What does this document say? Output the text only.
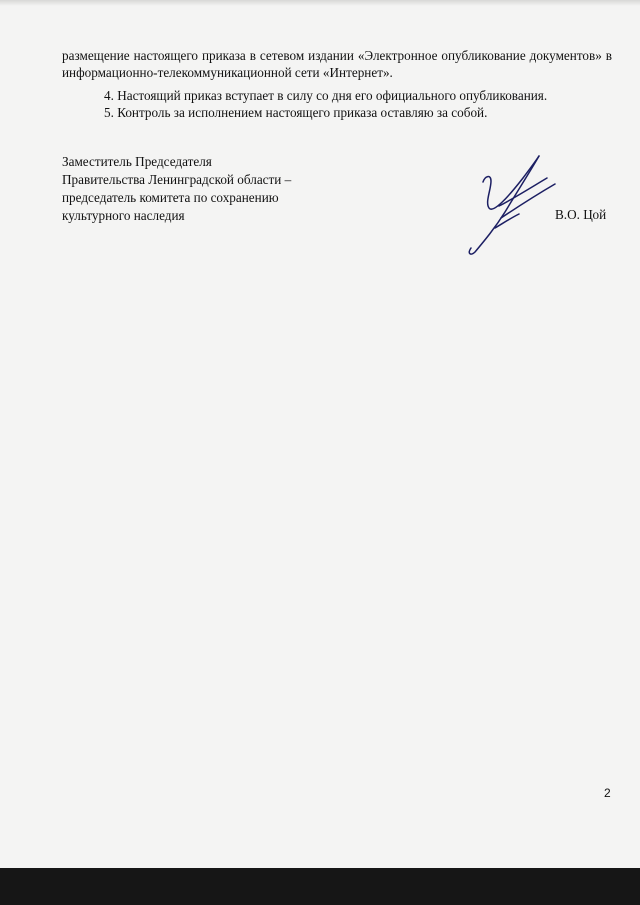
размещение настоящего приказа в сетевом издании «Электронное опубликование документов» в информационно-телекоммуникационной сети «Интернет».

4. Настоящий приказ вступает в силу со дня его официального опубликования.

5. Контроль за исполнением настоящего приказа оставляю за собой.

Заместитель Председателя
Правительства Ленинградской области –
председатель комитета по сохранению
культурного наследия	В.О. Цой
2
